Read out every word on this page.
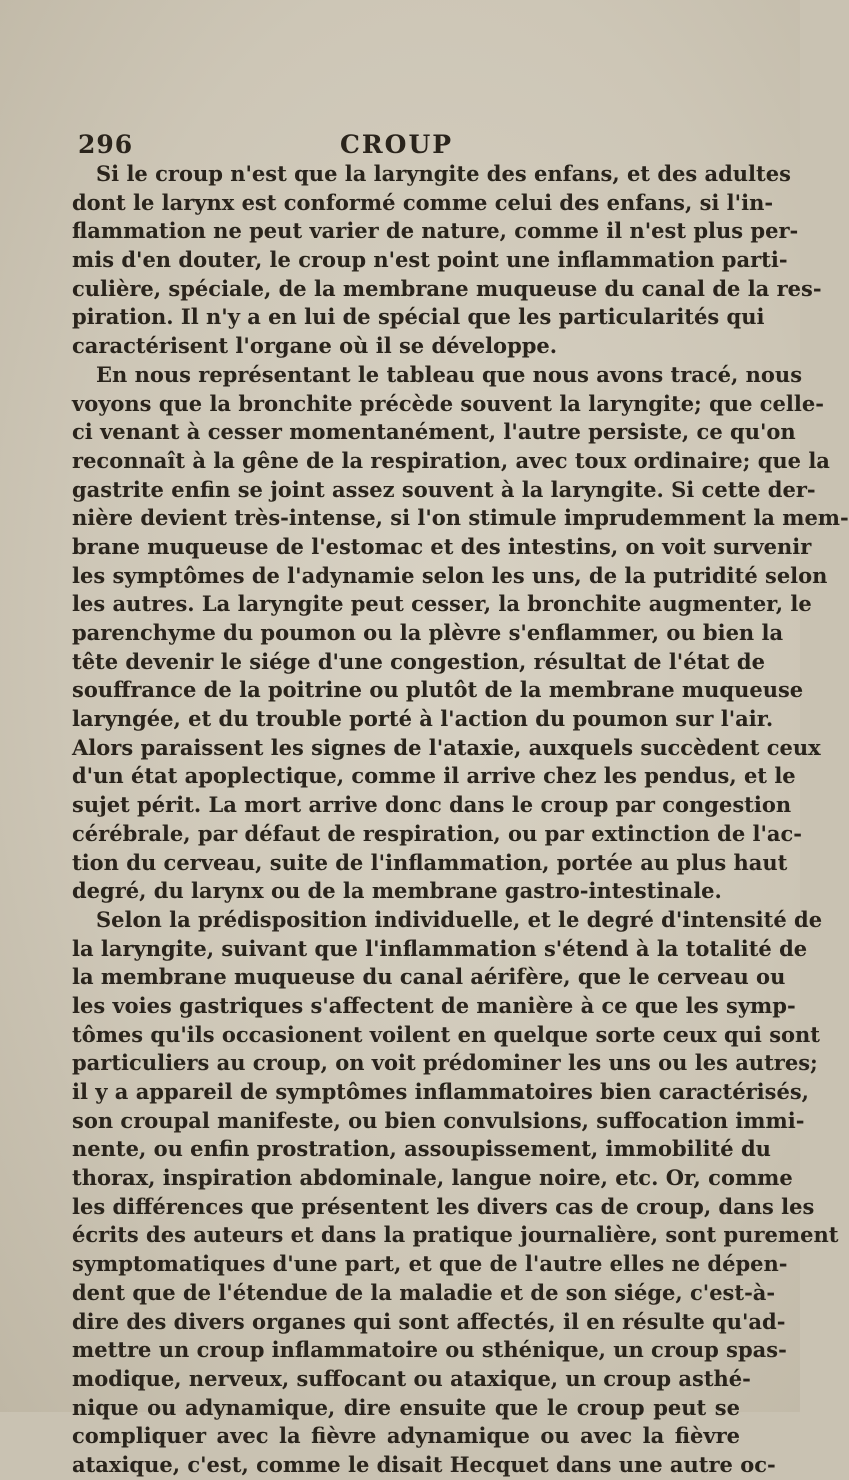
296	CROUP
Si le croup n'est que la laryngite des enfans, et des adultes
dont le larynx est conformé comme celui des enfans, si l'in-
flammation ne peut varier de nature, comme il n'est plus per-
mis d'en douter, le croup n'est point une inflammation parti-
culière, spéciale, de la membrane muqueuse du canal de la res-
piration. Il n'y a en lui de spécial que les particularités qui
caractérisent l'organe où il se développe.
En nous représentant le tableau que nous avons tracé, nous
voyons que la bronchite précède souvent la laryngite; que celle-
ci venant à cesser momentanément, l'autre persiste, ce qu'on
reconnaît à la gêne de la respiration, avec toux ordinaire; que la
gastrite enfin se joint assez souvent à la laryngite. Si cette der-
nière devient très-intense, si l'on stimule imprudemment la mem-
brane muqueuse de l'estomac et des intestins, on voit survenir
les symptômes de l'adynamie selon les uns, de la putridité selon
les autres. La laryngite peut cesser, la bronchite augmenter, le
parenchyme du poumon ou la plèvre s'enflammer, ou bien la
tête devenir le siége d'une congestion, résultat de l'état de
souffrance de la poitrine ou plutôt de la membrane muqueuse
laryngée, et du trouble porté à l'action du poumon sur l'air.
Alors paraissent les signes de l'ataxie, auxquels succèdent ceux
d'un état apoplectique, comme il arrive chez les pendus, et le
sujet périt. La mort arrive donc dans le croup par congestion
cérébrale, par défaut de respiration, ou par extinction de l'ac-
tion du cerveau, suite de l'inflammation, portée au plus haut
degré, du larynx ou de la membrane gastro-intestinale.
Selon la prédisposition individuelle, et le degré d'intensité de
la laryngite, suivant que l'inflammation s'étend à la totalité de
la membrane muqueuse du canal aérifère, que le cerveau ou
les voies gastriques s'affectent de manière à ce que les symp-
tômes qu'ils occasionent voilent en quelque sorte ceux qui sont
particuliers au croup, on voit prédominer les uns ou les autres;
il y a appareil de symptômes inflammatoires bien caractérisés,
son croupal manifeste, ou bien convulsions, suffocation immi-
nente, ou enfin prostration, assoupissement, immobilité du
thorax, inspiration abdominale, langue noire, etc. Or, comme
les différences que présentent les divers cas de croup, dans les
écrits des auteurs et dans la pratique journalière, sont purement
symptomatiques d'une part, et que de l'autre elles ne dépen-
dent que de l'étendue de la maladie et de son siége, c'est-à-
dire des divers organes qui sont affectés, il en résulte qu'ad-
mettre un croup inflammatoire ou sthénique, un croup spas-
modique, nerveux, suffocant ou ataxique, un croup asthé-
nique ou adynamique, dire ensuite que le croup peut se
compliquer avec la fièvre adynamique ou avec la fièvre
ataxique, c'est, comme le disait Hecquet dans une autre oc-
